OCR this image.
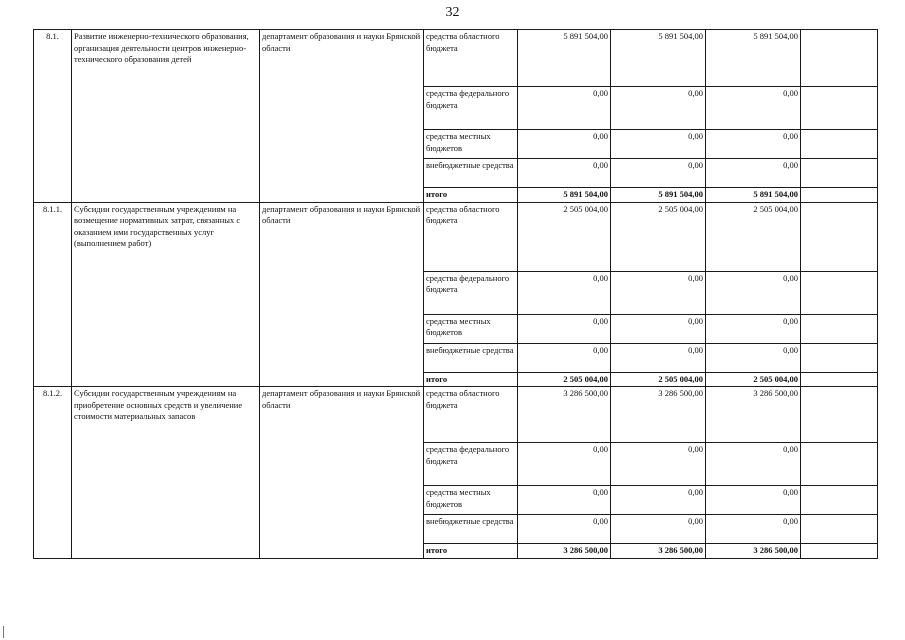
32
8.1.	Развитие инженерно-технического образования, организация деятельности центров инженерно-технического образования детей	департамент образования и науки Брянской области	средства областного бюджета	5 891 504,00	5 891 504,00	5 891 504,00	
			средства федерального бюджета	0,00	0,00	0,00	
			средства местных бюджетов	0,00	0,00	0,00	
			внебюджетные средства	0,00	0,00	0,00	
			итого	5 891 504,00	5 891 504,00	5 891 504,00	
8.1.1.	Субсидии государственным учреждениям на возмещение нормативных затрат, связанных с оказанием ими государственных услуг (выполнением работ)	департамент образования и науки Брянской области	средства областного бюджета	2 505 004,00	2 505 004,00	2 505 004,00	
			средства федерального бюджета	0,00	0,00	0,00	
			средства местных бюджетов	0,00	0,00	0,00	
			внебюджетные средства	0,00	0,00	0,00	
			итого	2 505 004,00	2 505 004,00	2 505 004,00	
8.1.2.	Субсидии государственным учреждениям на приобретение основных средств и увеличение стоимости материальных запасов	департамент образования и науки Брянской области	средства областного бюджета	3 286 500,00	3 286 500,00	3 286 500,00	
			средства федерального бюджета	0,00	0,00	0,00	
			средства местных бюджетов	0,00	0,00	0,00	
			внебюджетные средства	0,00	0,00	0,00	
			итого	3 286 500,00	3 286 500,00	3 286 500,00	
